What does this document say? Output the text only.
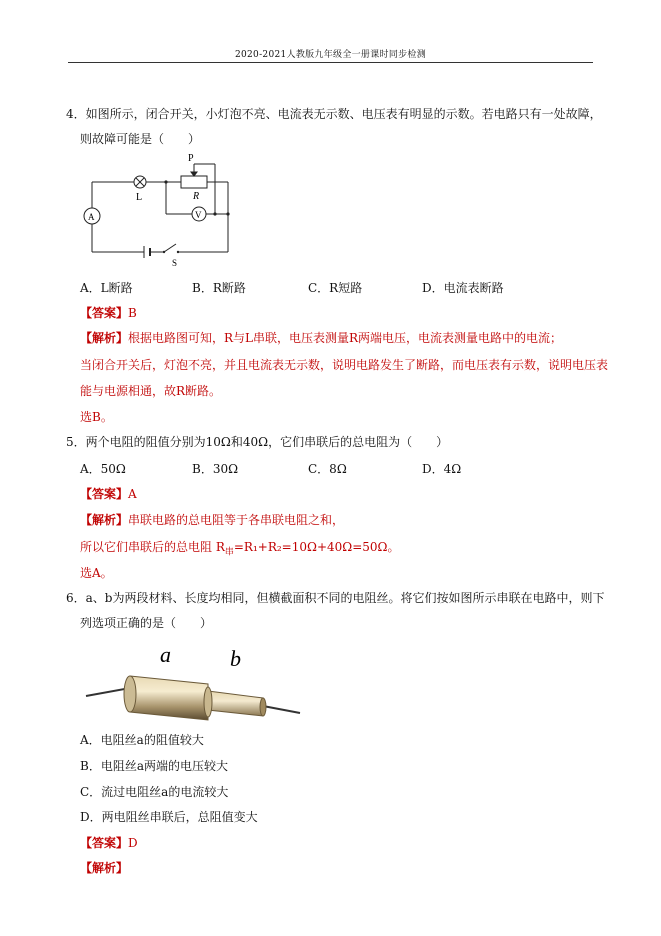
2020-2021人教版九年级全一册课时同步检测
4．如图所示，闭合开关，小灯泡不亮、电流表无示数、电压表有明显的示数。若电路只有一处故障，
则故障可能是（　　）
P
R
L
A	V
S
A．L断路	B．R断路	C．R短路	D．电流表断路
【答案】B
【解析】根据电路图可知，R与L串联，电压表测量R两端电压，电流表测量电路中的电流；
当闭合开关后，灯泡不亮，并且电流表无示数，说明电路发生了断路，而电压表有示数，说明电压表
能与电源相通，故R断路。
选B。
5．两个电阻的阻值分别为10Ω和40Ω，它们串联后的总电阻为（　　）
A．50Ω	B．30Ω	C．8Ω	D．4Ω
【答案】A
【解析】串联电路的总电阻等于各串联电阻之和，
所以它们串联后的总电阻 $R_串=R_1+R_2=10\Omega+40\Omega=50\Omega$。
选A。
6．a、b为两段材料、长度均相同，但横截面积不同的电阻丝。将它们按如图所示串联在电路中，则下
列选项正确的是（　　）
a	b
A．电阻丝a的阻值较大
B．电阻丝a两端的电压较大
C．流过电阻丝a的电流较大
D．两电阻丝串联后，总阻值变大
【答案】D
【解析】
